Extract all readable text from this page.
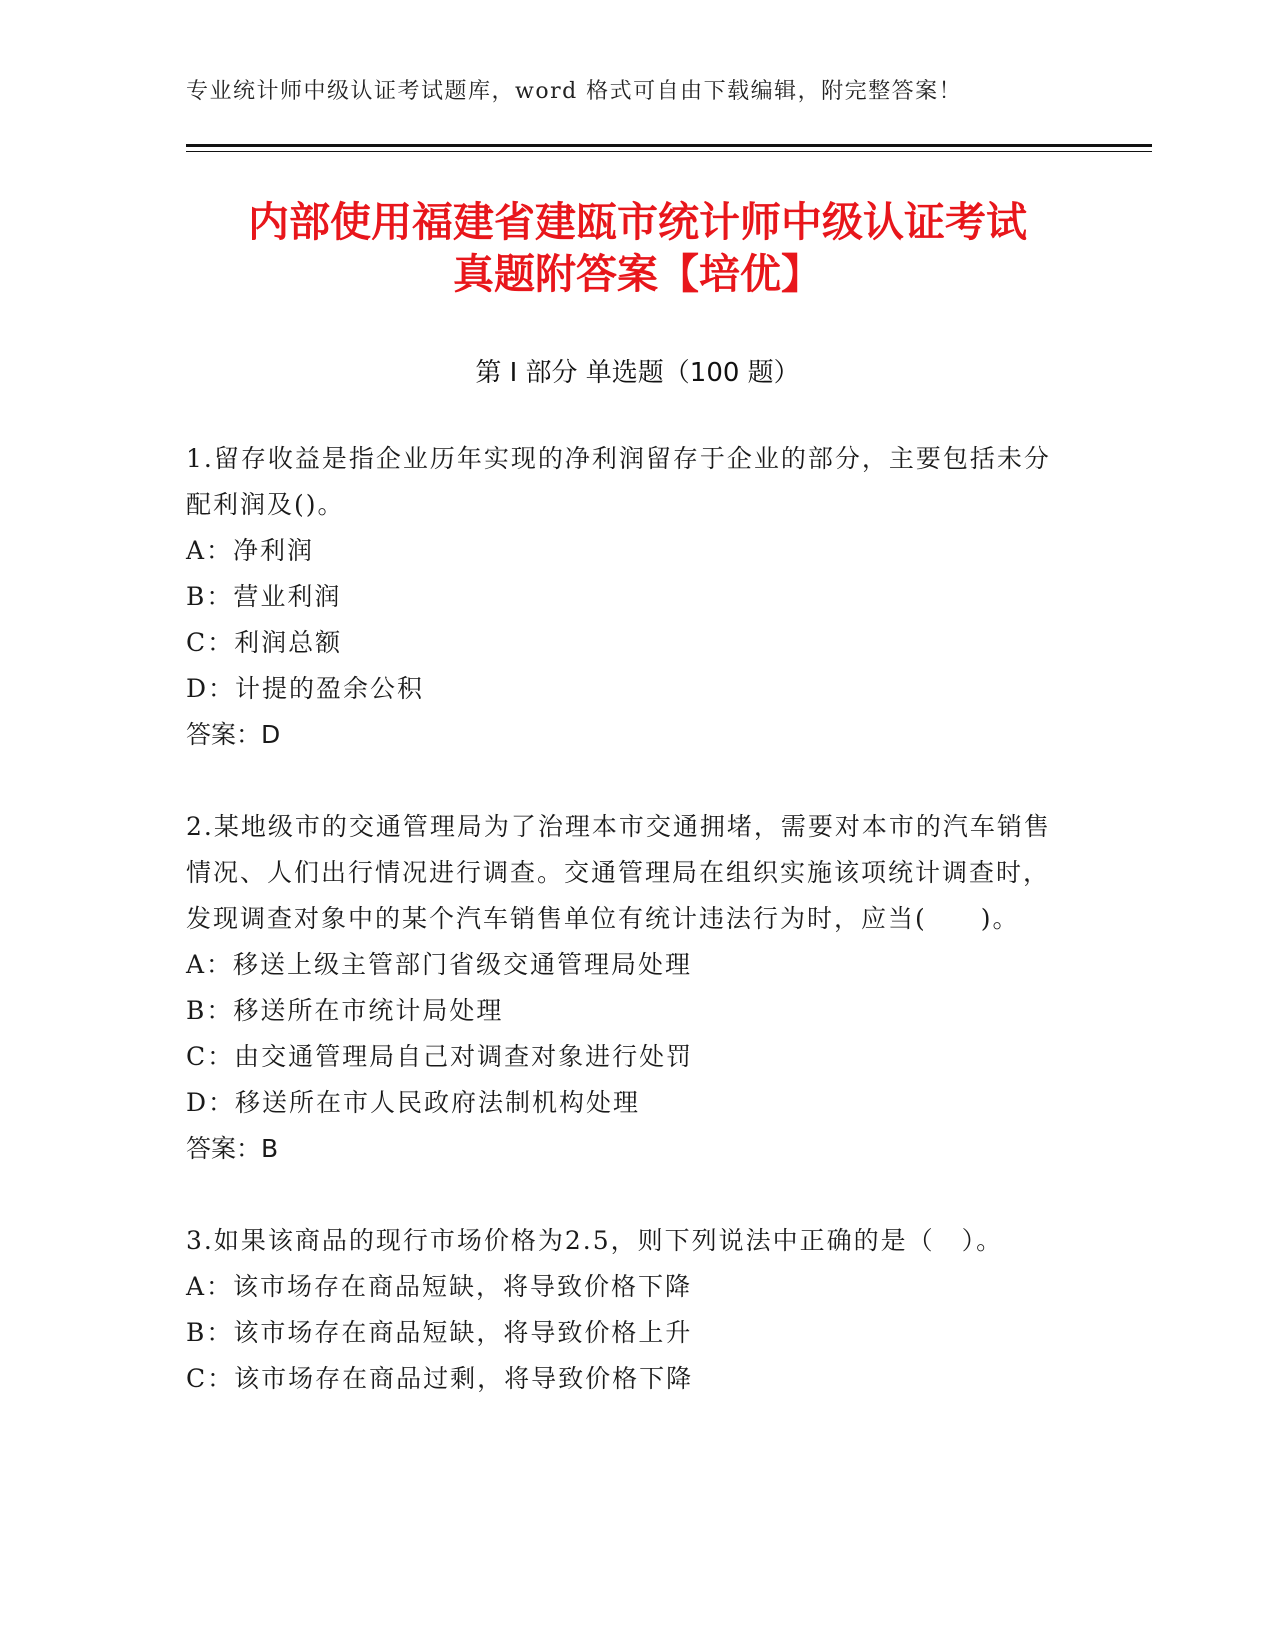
专业统计师中级认证考试题库，word 格式可自由下载编辑，附完整答案！
内部使用福建省建瓯市统计师中级认证考试
真题附答案【培优】
第 I 部分 单选题（100 题）

1.留存收益是指企业历年实现的净利润留存于企业的部分，主要包括未分配利润及()。

A：净利润

B：营业利润

C：利润总额

D：计提的盈余公积

答案：D

2.某地级市的交通管理局为了治理本市交通拥堵，需要对本市的汽车销售情况、人们出行情况进行调查。交通管理局在组织实施该项统计调查时，发现调查对象中的某个汽车销售单位有统计违法行为时，应当(　　)。

A：移送上级主管部门省级交通管理局处理

B：移送所在市统计局处理

C：由交通管理局自己对调查对象进行处罚

D：移送所在市人民政府法制机构处理

答案：B

3.如果该商品的现行市场价格为2.5，则下列说法中正确的是（　）。

A：该市场存在商品短缺，将导致价格下降

B：该市场存在商品短缺，将导致价格上升

C：该市场存在商品过剩，将导致价格下降
